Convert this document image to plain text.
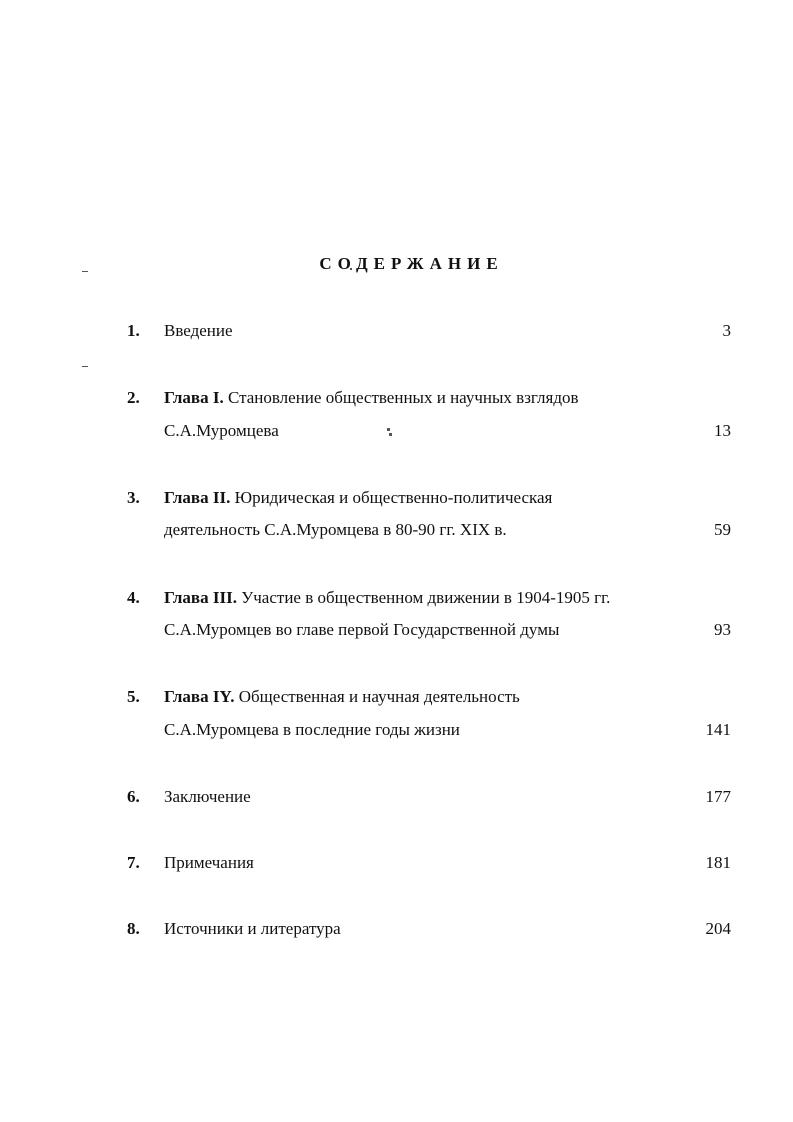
СОДЕРЖАНИЕ
1. Введение	3
2. Глава I. Становление общественных и научных взглядов
С.А.Муромцева	13
3. Глава II. Юридическая и общественно-политическая
деятельность С.А.Муромцева в 80-90 гг. XIX в.	59
4. Глава III. Участие в общественном движении в 1904-1905 гг.
С.А.Муромцев во главе первой Государственной думы	93
5. Глава IY. Общественная и научная деятельность
С.А.Муромцева в последние годы жизни	141
6. Заключение	177
7. Примечания	181
8. Источники и литература	204
